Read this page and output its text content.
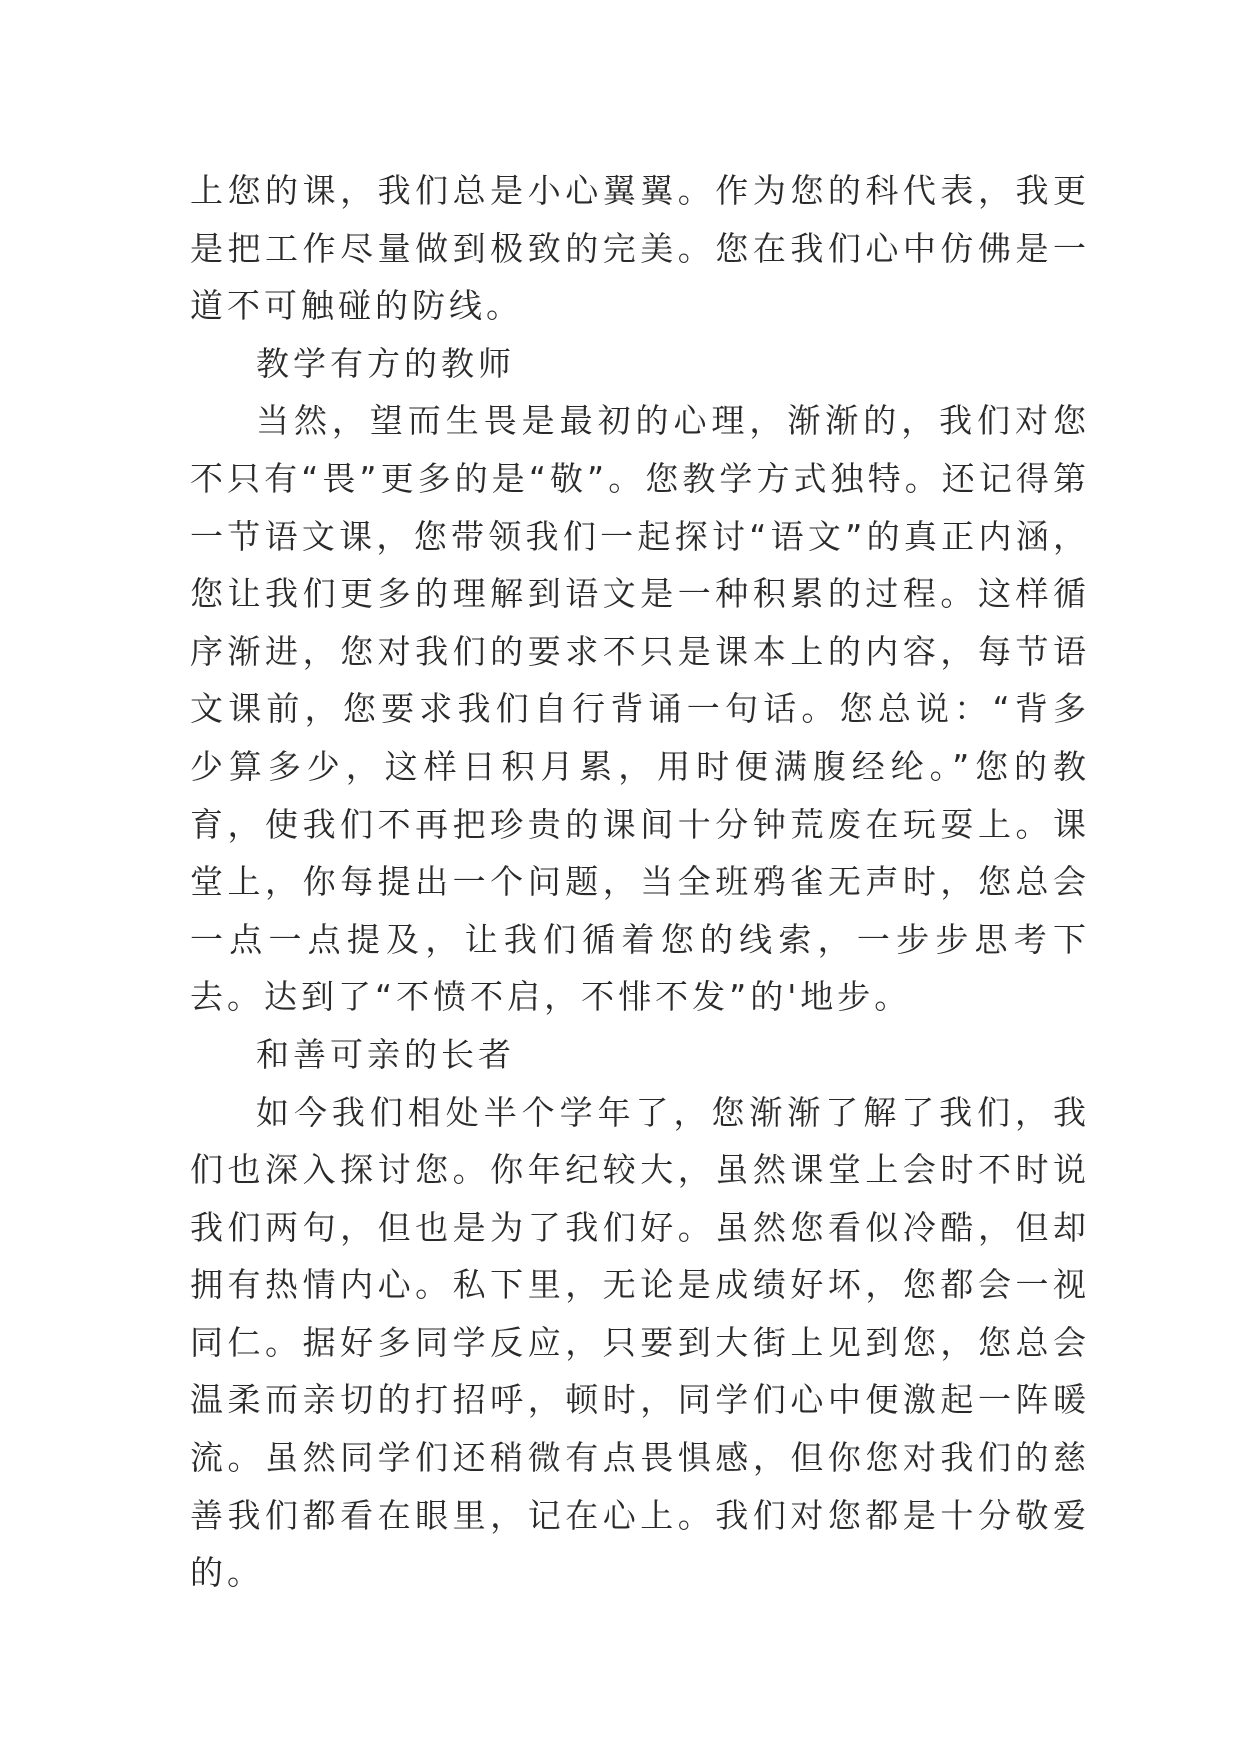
上您的课，我们总是小心翼翼。作为您的科代表，我更是把工作尽量做到极致的完美。您在我们心中仿佛是一道不可触碰的防线。

教学有方的教师

当然，望而生畏是最初的心理，渐渐的，我们对您不只有“畏”更多的是“敬”。您教学方式独特。还记得第一节语文课，您带领我们一起探讨“语文”的真正内涵，您让我们更多的理解到语文是一种积累的过程。这样循序渐进，您对我们的要求不只是课本上的内容，每节语文课前，您要求我们自行背诵一句话。您总说：“背多少算多少，这样日积月累，用时便满腹经纶。”您的教育，使我们不再把珍贵的课间十分钟荒废在玩耍上。课堂上，你每提出一个问题，当全班鸦雀无声时，您总会一点一点提及，让我们循着您的线索，一步步思考下去。达到了“不愤不启，不悱不发”的'地步。

和善可亲的长者

如今我们相处半个学年了，您渐渐了解了我们，我们也深入探讨您。你年纪较大，虽然课堂上会时不时说我们两句，但也是为了我们好。虽然您看似冷酷，但却拥有热情内心。私下里，无论是成绩好坏，您都会一视同仁。据好多同学反应，只要到大街上见到您，您总会温柔而亲切的打招呼，顿时，同学们心中便激起一阵暖流。虽然同学们还稍微有点畏惧感，但你您对我们的慈善我们都看在眼里，记在心上。我们对您都是十分敬爱的。
